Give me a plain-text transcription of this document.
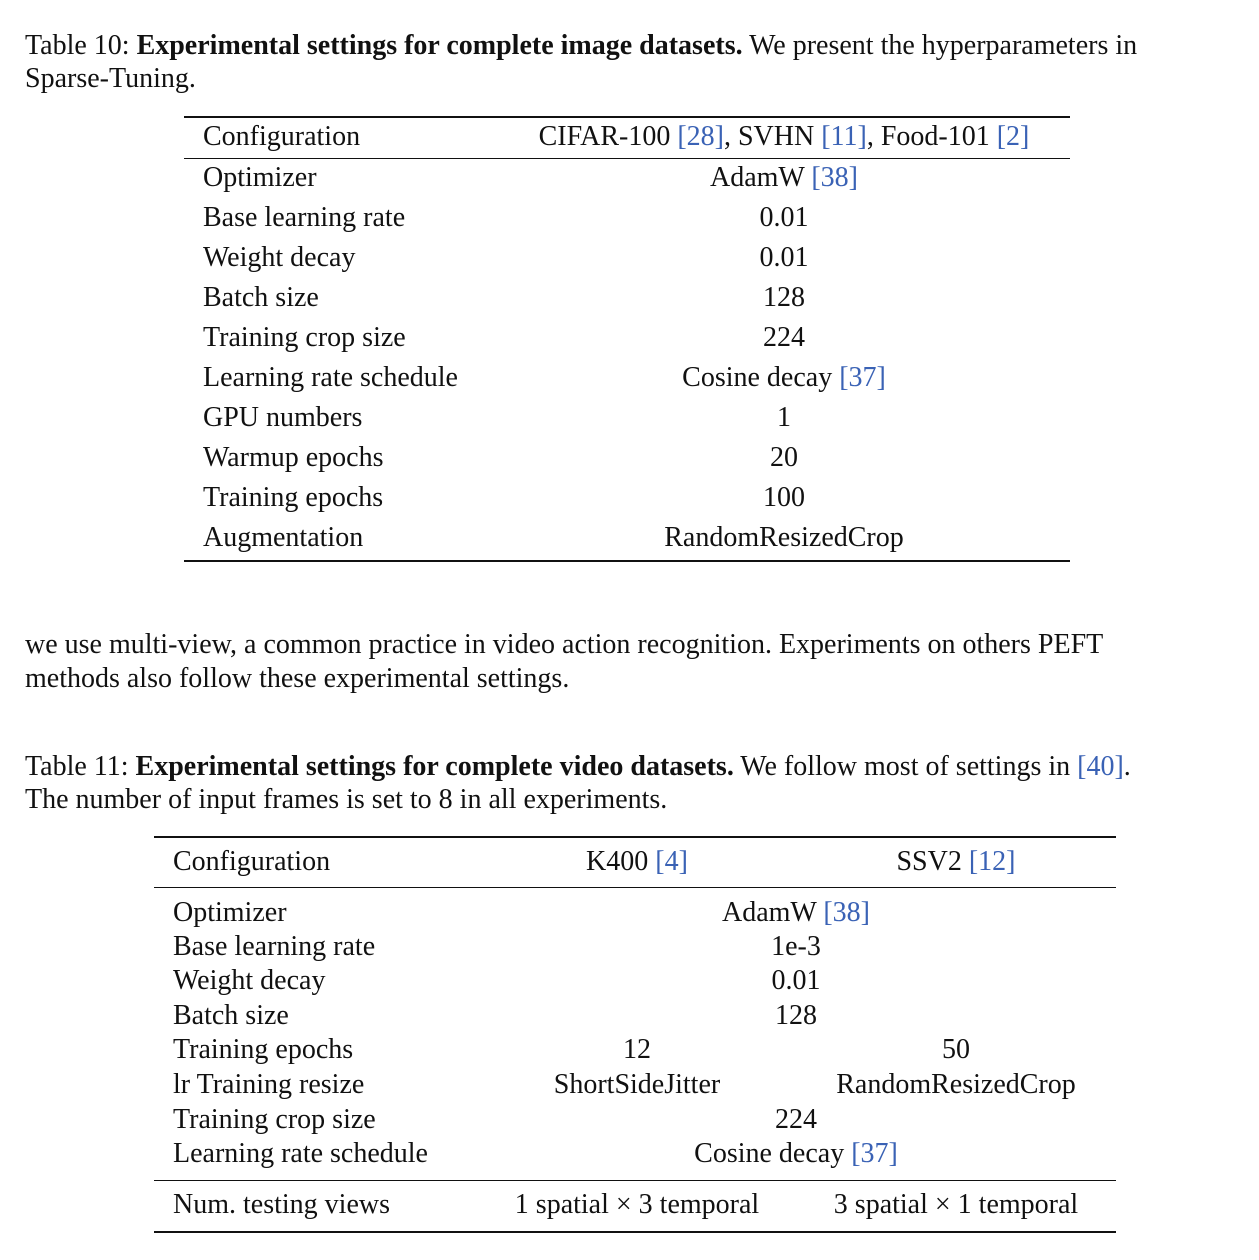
Table 10: Experimental settings for complete image datasets. We present the hyperparameters in
Sparse-Tuning.
Configuration	CIFAR-100 [28], SVHN [11], Food-101 [2]
Optimizer	AdamW [38]
Base learning rate	0.01
Weight decay	0.01
Batch size	128
Training crop size	224
Learning rate schedule	Cosine decay [37]
GPU numbers	1
Warmup epochs	20
Training epochs	100
Augmentation	RandomResizedCrop
we use multi-view, a common practice in video action recognition. Experiments on others PEFT
methods also follow these experimental settings.
Table 11: Experimental settings for complete video datasets. We follow most of settings in [40].
The number of input frames is set to 8 in all experiments.
Configuration	K400 [4]	SSV2 [12]
Optimizer	AdamW [38]
Base learning rate	1e-3
Weight decay	0.01
Batch size	128
Training epochs	12	50
lr Training resize	ShortSideJitter	RandomResizedCrop
Training crop size	224
Learning rate schedule	Cosine decay [37]
Num. testing views	1 spatial × 3 temporal	3 spatial × 1 temporal
